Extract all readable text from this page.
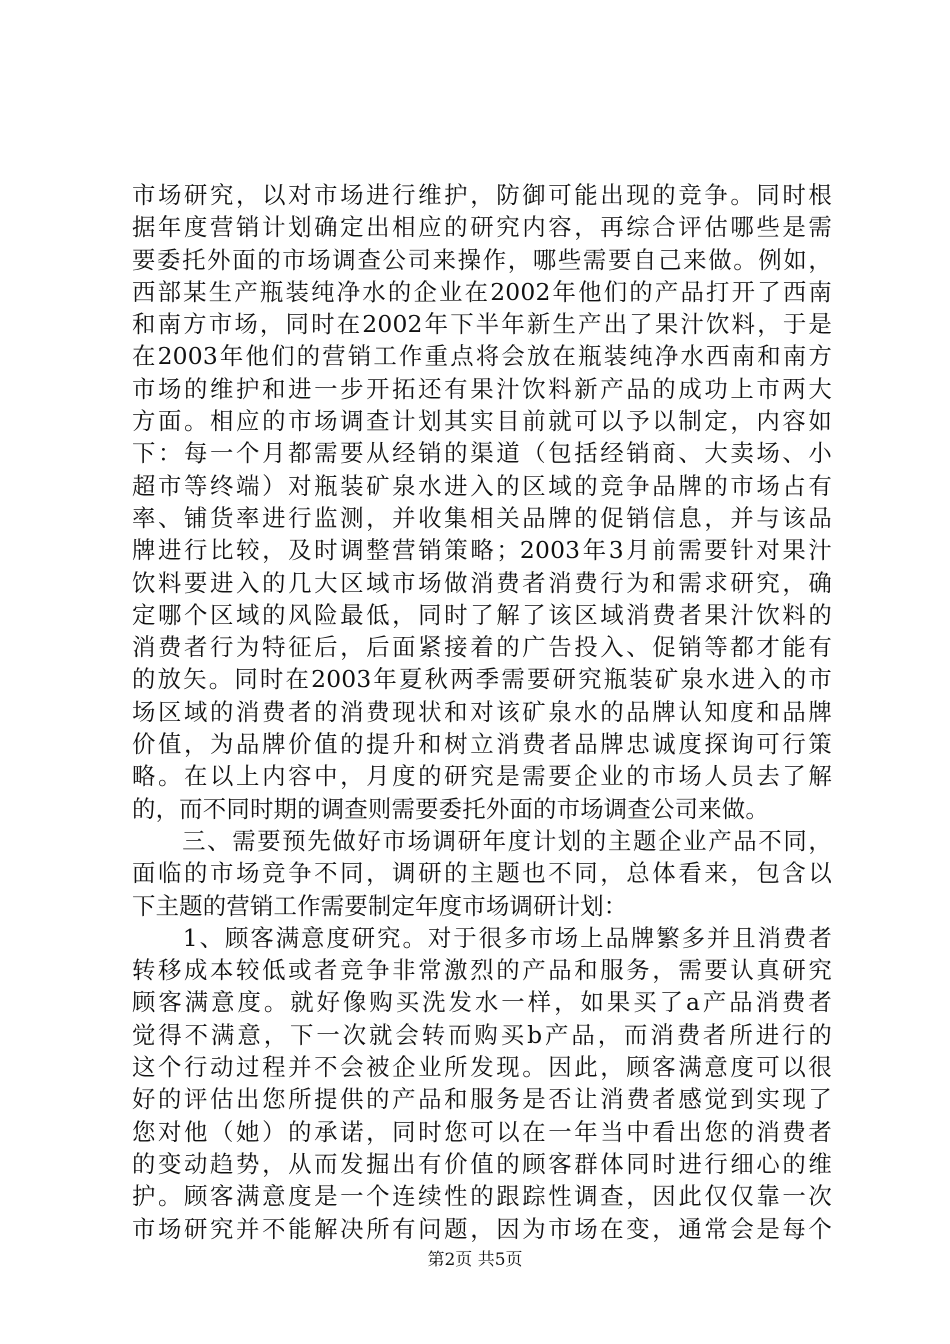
市场研究，以对市场进行维护，防御可能出现的竞争。同时根
据年度营销计划确定出相应的研究内容，再综合评估哪些是需
要委托外面的市场调查公司来操作，哪些需要自己来做。例如，
西部某生产瓶装纯净水的企业在2002年他们的产品打开了西南
和南方市场，同时在2002年下半年新生产出了果汁饮料，于是
在2003年他们的营销工作重点将会放在瓶装纯净水西南和南方
市场的维护和进一步开拓还有果汁饮料新产品的成功上市两大
方面。相应的市场调查计划其实目前就可以予以制定，内容如
下：每一个月都需要从经销的渠道（包括经销商、大卖场、小
超市等终端）对瓶装矿泉水进入的区域的竞争品牌的市场占有
率、铺货率进行监测，并收集相关品牌的促销信息，并与该品
牌进行比较，及时调整营销策略；2003年3月前需要针对果汁
饮料要进入的几大区域市场做消费者消费行为和需求研究，确
定哪个区域的风险最低，同时了解了该区域消费者果汁饮料的
消费者行为特征后，后面紧接着的广告投入、促销等都才能有
的放矢。同时在2003年夏秋两季需要研究瓶装矿泉水进入的市
场区域的消费者的消费现状和对该矿泉水的品牌认知度和品牌
价值，为品牌价值的提升和树立消费者品牌忠诚度探询可行策
略。在以上内容中，月度的研究是需要企业的市场人员去了解
的，而不同时期的调查则需要委托外面的市场调查公司来做。
　　三、需要预先做好市场调研年度计划的主题企业产品不同，
面临的市场竞争不同，调研的主题也不同，总体看来，包含以
下主题的营销工作需要制定年度市场调研计划：
　　1、顾客满意度研究。对于很多市场上品牌繁多并且消费者
转移成本较低或者竞争非常激烈的产品和服务，需要认真研究
顾客满意度。就好像购买洗发水一样，如果买了a产品消费者
觉得不满意，下一次就会转而购买b产品，而消费者所进行的
这个行动过程并不会被企业所发现。因此，顾客满意度可以很
好的评估出您所提供的产品和服务是否让消费者感觉到实现了
您对他（她）的承诺，同时您可以在一年当中看出您的消费者
的变动趋势，从而发掘出有价值的顾客群体同时进行细心的维
护。顾客满意度是一个连续性的跟踪性调查，因此仅仅靠一次
市场研究并不能解决所有问题，因为市场在变，通常会是每个
第2页 共5页
